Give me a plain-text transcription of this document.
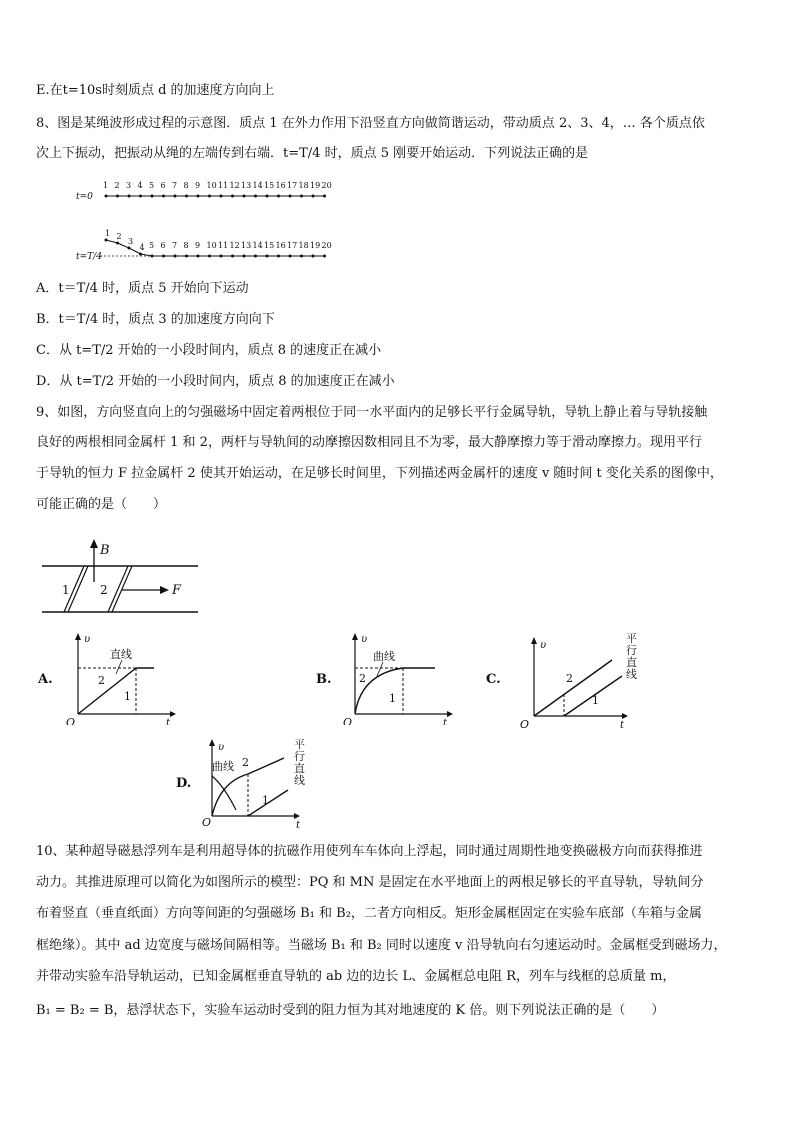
E.在t=10s时刻质点 d 的加速度方向向上
8、图是某绳波形成过程的示意图．质点 1 在外力作用下沿竖直方向做简谐运动，带动质点 2、3、4，… 各个质点依
次上下振动，把振动从绳的左端传到右端．t=T/4 时，质点 5 刚要开始运动．下列说法正确的是
1 2 3 4 5 6 7 8 9 10 11 12 13 14 15 16 17 18 19 20
1 2
3
4 5 6 7 8 9 10 11 12 13 14 15 16 17 18 19 20
t=0
t=T/4
A．t＝T/4 时，质点 5 开始向下运动
B．t＝T/4 时，质点 3 的加速度方向向下
C．从 t=T/2 开始的一小段时间内，质点 8 的速度正在减小
D．从 t=T/2 开始的一小段时间内，质点 8 的加速度正在减小
9、如图，方向竖直向上的匀强磁场中固定着两根位于同一水平面内的足够长平行金属导轨，导轨上静止着与导轨接触
良好的两根相同金属杆 1 和 2，两杆与导轨间的动摩擦因数相同且不为零，最大静摩擦力等于滑动摩擦力。现用平行
于导轨的恒力 F 拉金属杆 2 使其开始运动，在足够长时间里，下列描述两金属杆的速度 v 随时间 t 变化关系的图像中，
可能正确的是（　　）
B
F
1	2
A.
υ
t
O
直线
2
1
B.
υ
t
O
曲线
2
1
C.
υ
t
O
2
1
平行直线
D.
υ
t
O
曲线 2
1
平行直线
10、某种超导磁悬浮列车是利用超导体的抗磁作用使列车车体向上浮起，同时通过周期性地变换磁极方向而获得推进
动力。其推进原理可以简化为如图所示的模型：PQ 和 MN 是固定在水平地面上的两根足够长的平直导轨，导轨间分
布着竖直（垂直纸面）方向等间距的匀强磁场 B₁ 和 B₂，二者方向相反。矩形金属框固定在实验车底部（车箱与金属
框绝缘）。其中 ad 边宽度与磁场间隔相等。当磁场 B₁ 和 B₂ 同时以速度 v 沿导轨向右匀速运动时。金属框受到磁场力，
并带动实验车沿导轨运动，已知金属框垂直导轨的 ab 边的边长 L、金属框总电阻 R，列车与线框的总质量 m，
B₁ = B₂ = B，悬浮状态下，实验车运动时受到的阻力恒为其对地速度的 K 倍。则下列说法正确的是（　　）
